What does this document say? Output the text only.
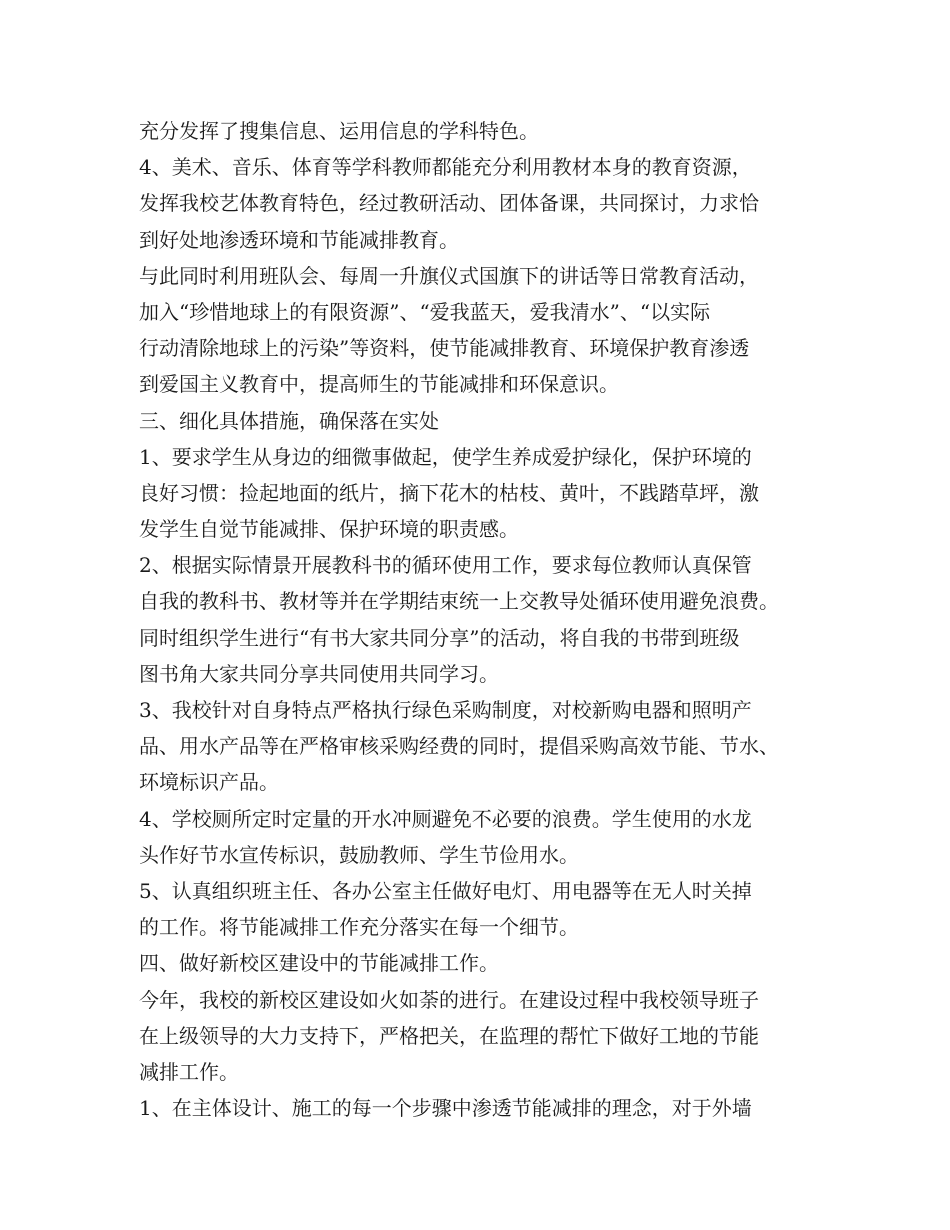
充分发挥了搜集信息、运用信息的学科特色。
4、美术、音乐、体育等学科教师都能充分利用教材本身的教育资源，
发挥我校艺体教育特色，经过教研活动、团体备课，共同探讨，力求恰
到好处地渗透环境和节能减排教育。
与此同时利用班队会、每周一升旗仪式国旗下的讲话等日常教育活动，
加入“珍惜地球上的有限资源”、“爱我蓝天，爱我清水”、“以实际
行动清除地球上的污染”等资料，使节能减排教育、环境保护教育渗透
到爱国主义教育中，提高师生的节能减排和环保意识。
三、细化具体措施，确保落在实处
1、要求学生从身边的细微事做起，使学生养成爱护绿化，保护环境的
良好习惯：捡起地面的纸片，摘下花木的枯枝、黄叶，不践踏草坪，激
发学生自觉节能减排、保护环境的职责感。
2、根据实际情景开展教科书的循环使用工作，要求每位教师认真保管
自我的教科书、教材等并在学期结束统一上交教导处循环使用避免浪费。
同时组织学生进行“有书大家共同分享”的活动，将自我的书带到班级
图书角大家共同分享共同使用共同学习。
3、我校针对自身特点严格执行绿色采购制度，对校新购电器和照明产
品、用水产品等在严格审核采购经费的同时，提倡采购高效节能、节水、
环境标识产品。
4、学校厕所定时定量的开水冲厕避免不必要的浪费。学生使用的水龙
头作好节水宣传标识，鼓励教师、学生节俭用水。
5、认真组织班主任、各办公室主任做好电灯、用电器等在无人时关掉
的工作。将节能减排工作充分落实在每一个细节。
四、做好新校区建设中的节能减排工作。
今年，我校的新校区建设如火如荼的进行。在建设过程中我校领导班子
在上级领导的大力支持下，严格把关，在监理的帮忙下做好工地的节能
减排工作。
1、在主体设计、施工的每一个步骤中渗透节能减排的理念，对于外墙
